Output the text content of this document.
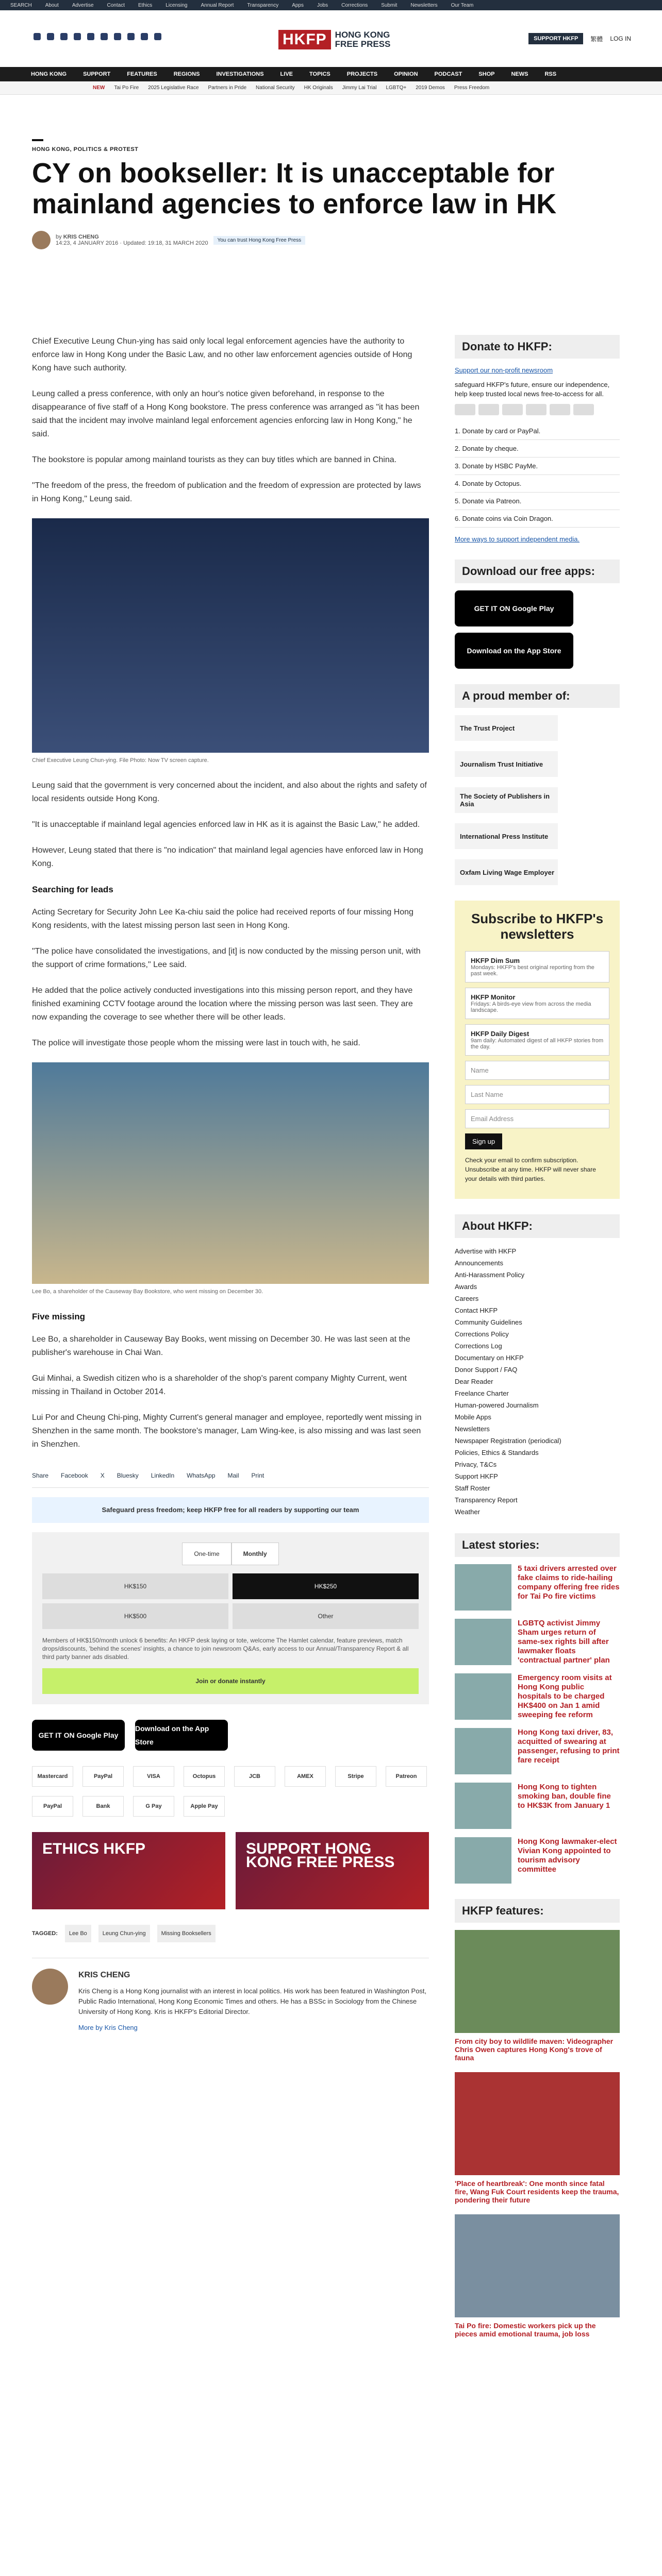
SEARCH	About	Advertise	Contact	Ethics	Licensing	Annual Report	Transparency	Apps	Jobs	Corrections	Submit	Newsletters	Our Team
HKFP HONG KONG
FREE PRESS
SUPPORT HKFP	繁體 LOG IN
HONG KONG	SUPPORT	FEATURES	REGIONS	INVESTIGATIONS	LIVE	TOPICS	PROJECTS	OPINION	PODCAST	SHOP	NEWS	RSS
NEW Tai Po Fire 2025 Legislative Race Partners in Pride National Security HK Originals Jimmy Lai Trial LGBTQ+ 2019 Demos Press Freedom
HONG KONG, POLITICS & PROTEST
CY on bookseller: It is unacceptable for mainland agencies to enforce law in HK
by KRIS CHENG
14:23, 4 JANUARY 2016 · Updated: 19:18, 31 MARCH 2020	You can trust Hong Kong Free Press

Chief Executive Leung Chun-ying has said only local legal enforcement agencies have the authority to enforce law in Hong Kong under the Basic Law, and no other law enforcement agencies outside of Hong Kong have such authority.

Leung called a press conference, with only an hour's notice given beforehand, in response to the disappearance of five staff of a Hong Kong bookstore. The press conference was arranged as "it has been said that the incident may involve mainland legal enforcement agencies enforcing law in Hong Kong," he said.

The bookstore is popular among mainland tourists as they can buy titles which are banned in China.

"The freedom of the press, the freedom of publication and the freedom of expression are protected by laws in Hong Kong," Leung said.

Chief Executive Leung Chun-ying. File Photo: Now TV screen capture.

Leung said that the government is very concerned about the incident, and also about the rights and safety of local residents outside Hong Kong.

"It is unacceptable if mainland legal agencies enforced law in HK as it is against the Basic Law," he added.

However, Leung stated that there is "no indication" that mainland legal agencies have enforced law in Hong Kong.

Searching for leads

Acting Secretary for Security John Lee Ka-chiu said the police had received reports of four missing Hong Kong residents, with the latest missing person last seen in Hong Kong.

"The police have consolidated the investigations, and [it] is now conducted by the missing person unit, with the support of crime formations," Lee said.

He added that the police actively conducted investigations into this missing person report, and they have finished examining CCTV footage around the location where the missing person was last seen. They are now expanding the coverage to see whether there will be other leads.

The police will investigate those people whom the missing were last in touch with, he said.

Lee Bo, a shareholder of the Causeway Bay Bookstore, who went missing on December 30.
Five missing

Lee Bo, a shareholder in Causeway Bay Books, went missing on December 30. He was last seen at the publisher's warehouse in Chai Wan.

Gui Minhai, a Swedish citizen who is a shareholder of the shop's parent company Mighty Current, went missing in Thailand in October 2014.

Lui Por and Cheung Chi-ping, Mighty Current's general manager and employee, reportedly went missing in Shenzhen in the same month. The bookstore's manager, Lam Wing-kee, is also missing and was last seen in Shenzhen.

Share Facebook X Bluesky LinkedIn WhatsApp Mail Print
Safeguard press freedom; keep HKFP free for all readers by supporting our team
One-time	Monthly
HK$150	HK$250
HK$500	Other

Members of HK$150/month unlock 6 benefits: An HKFP desk laying or tote, welcome The Hamlet calendar, feature previews, match drops/discounts, 'behind the scenes' insights, a chance to join newsroom Q&As, early access to our Annual/Transparency Report & all third party banner ads disabled.

Join or donate instantly
GET IT ON Google Play
Download on the App Store
Mastercard	PayPal	VISA	Octopus	JCB	AMEX	Stripe	Patreon
PayPal	Bank	G Pay	Apple Pay
ETHICS HKFP	SUPPORT HONG KONG FREE PRESS
TAGGED:	Lee Bo	Leung Chun-ying	Missing Booksellers
KRIS CHENG

Kris Cheng is a Hong Kong journalist with an interest in local politics. His work has been featured in Washington Post, Public Radio International, Hong Kong Economic Times and others. He has a BSSc in Sociology from the Chinese University of Hong Kong. Kris is HKFP's Editorial Director.

More by Kris Cheng
Donate to HKFP:

Support our non-profit newsroom

safeguard HKFP's future, ensure our independence, help keep trusted local news free-to-access for all.

1. Donate by card or PayPal.
2. Donate by cheque.
3. Donate by HSBC PayMe.
4. Donate by Octopus.
5. Donate via Patreon.
6. Donate coins via Coin Dragon.

More ways to support independent media.

Download our free apps:
GET IT ON Google Play
Download on the App Store
A proud member of:
The Trust Project
Journalism Trust Initiative
The Society of Publishers in Asia
International Press Institute
Oxfam Living Wage Employer
Subscribe to HKFP's newsletters
HKFP Dim Sum
Mondays: HKFP's best original reporting from the past week.
HKFP Monitor
Fridays: A birds-eye view from across the media landscape.
HKFP Daily Digest
9am daily: Automated digest of all HKFP stories from the day.
Name
Last Name
Email Address
Sign up

Check your email to confirm subscription. Unsubscribe at any time. HKFP will never share your details with third parties.

About HKFP:
Advertise with HKFP
Announcements
Anti-Harassment Policy
Awards
Careers
Contact HKFP
Community Guidelines
Corrections Policy
Corrections Log
Documentary on HKFP
Donor Support / FAQ
Dear Reader
Freelance Charter
Human-powered Journalism
Mobile Apps
Newsletters
Newspaper Registration (periodical)
Policies, Ethics & Standards
Privacy, T&Cs
Support HKFP
Staff Roster
Transparency Report
Weather
Latest stories:
5 taxi drivers arrested over fake claims to ride-hailing company offering free rides for Tai Po fire victims
LGBTQ activist Jimmy Sham urges return of same-sex rights bill after lawmaker floats 'contractual partner' plan
Emergency room visits at Hong Kong public hospitals to be charged HK$400 on Jan 1 amid sweeping fee reform
Hong Kong taxi driver, 83, acquitted of swearing at passenger, refusing to print fare receipt
Hong Kong to tighten smoking ban, double fine to HK$3K from January 1
Hong Kong lawmaker-elect Vivian Kong appointed to tourism advisory committee
HKFP features:
From city boy to wildlife maven: Videographer Chris Owen captures Hong Kong's trove of fauna
'Place of heartbreak': One month since fatal fire, Wang Fuk Court residents keep the trauma, pondering their future
Tai Po fire: Domestic workers pick up the pieces amid emotional trauma, job loss
